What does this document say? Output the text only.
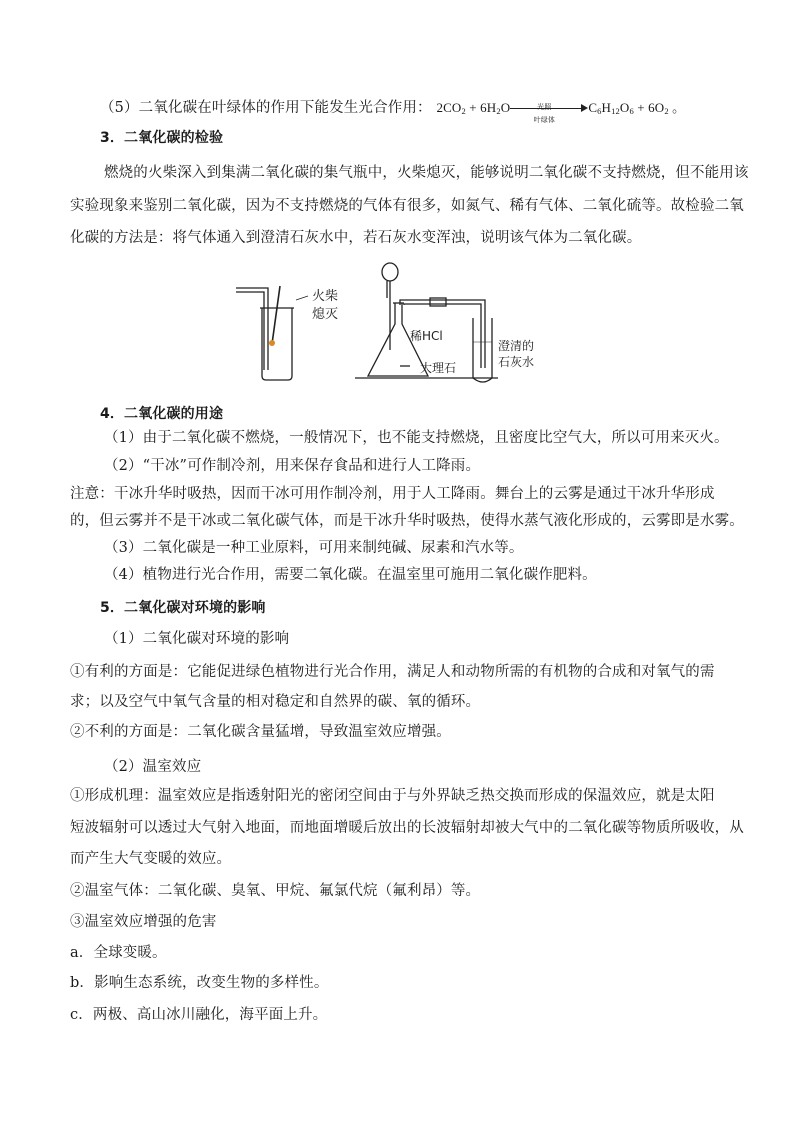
（5）二氧化碳在叶绿体的作用下能发生光合作用： $2CO_2 + 6H_2O$	光照
叶绿体
$C_6H_{12}O_6 + 6O_2$ 。
3．二氧化碳的检验
燃烧的火柴深入到集满二氧化碳的集气瓶中，火柴熄灭，能够说明二氧化碳不支持燃烧，但不能用该
实验现象来鉴别二氧化碳，因为不支持燃烧的气体有很多，如氮气、稀有气体、二氧化硫等。故检验二氧
化碳的方法是：将气体通入到澄清石灰水中，若石灰水变浑浊，说明该气体为二氧化碳。
火柴
熄灭
稀HCl
大理石
澄清的
石灰水
4．二氧化碳的用途
（1）由于二氧化碳不燃烧，一般情况下，也不能支持燃烧，且密度比空气大，所以可用来灭火。
（2）“干冰”可作制冷剂，用来保存食品和进行人工降雨。
注意：干冰升华时吸热，因而干冰可用作制冷剂，用于人工降雨。舞台上的云雾是通过干冰升华形成
的，但云雾并不是干冰或二氧化碳气体，而是干冰升华时吸热，使得水蒸气液化形成的，云雾即是水雾。
（3）二氧化碳是一种工业原料，可用来制纯碱、尿素和汽水等。
（4）植物进行光合作用，需要二氧化碳。在温室里可施用二氧化碳作肥料。
5．二氧化碳对环境的影响
（1）二氧化碳对环境的影响
①有利的方面是：它能促进绿色植物进行光合作用，满足人和动物所需的有机物的合成和对氧气的需
求；以及空气中氧气含量的相对稳定和自然界的碳、氧的循环。
②不利的方面是：二氧化碳含量猛增，导致温室效应增强。
（2）温室效应
①形成机理：温室效应是指透射阳光的密闭空间由于与外界缺乏热交换而形成的保温效应，就是太阳
短波辐射可以透过大气射入地面，而地面增暖后放出的长波辐射却被大气中的二氧化碳等物质所吸收，从
而产生大气变暖的效应。
②温室气体：二氧化碳、臭氧、甲烷、氟氯代烷（氟利昂）等。
③温室效应增强的危害
a．全球变暖。
b．影响生态系统，改变生物的多样性。
c．两极、高山冰川融化，海平面上升。
